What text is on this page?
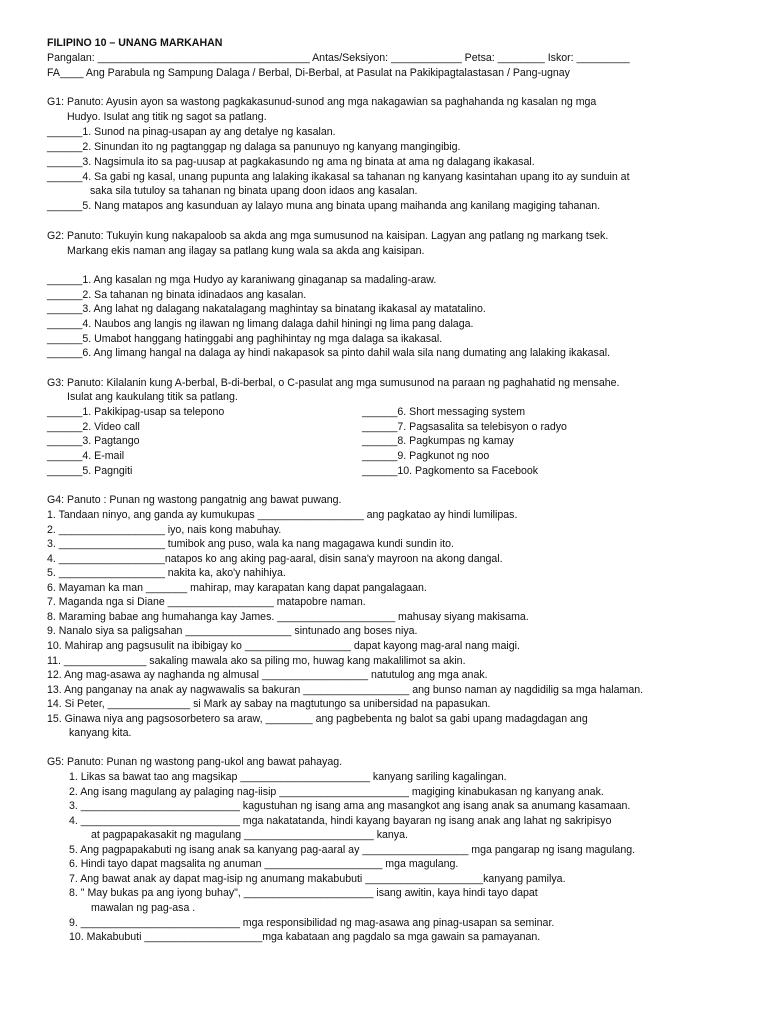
FILIPINO 10 – UNANG MARKAHAN
Pangalan: ____________________________________ Antas/Seksiyon: ____________ Petsa: ________ Iskor: _________
FA____ Ang Parabula ng Sampung Dalaga / Berbal, Di-Berbal, at Pasulat na Pakikipagtalastasan / Pang-ugnay
G1: Panuto: Ayusin ayon sa wastong pagkakasunud-sunod ang mga nakagawian sa paghahanda ng kasalan ng mga
Hudyo. Isulat ang titik ng sagot sa patlang.
______1. Sunod na pinag-usapan ay ang detalye ng kasalan.
______2. Sinundan ito ng pagtanggap ng dalaga sa panunuyo ng kanyang mangingibig.
______3. Nagsimula ito sa pag-uusap at pagkakasundo ng ama ng binata at ama ng dalagang ikakasal.
______4. Sa gabi ng kasal, unang pupunta ang lalaking ikakasal sa tahanan ng kanyang kasintahan upang ito ay sunduin at
saka sila tutuloy sa tahanan ng binata upang doon idaos ang kasalan.
______5. Nang matapos ang kasunduan ay lalayo muna ang binata upang maihanda ang kanilang magiging tahanan.
G2: Panuto: Tukuyin kung nakapaloob sa akda ang mga sumusunod na kaisipan. Lagyan ang patlang ng markang tsek.
Markang ekis naman ang ilagay sa patlang kung wala sa akda ang kaisipan.
______1. Ang kasalan ng mga Hudyo ay karaniwang ginaganap sa madaling-araw.
______2. Sa tahanan ng binata idinadaos ang kasalan.
______3. Ang lahat ng dalagang nakatalagang maghintay sa binatang ikakasal ay matatalino.
______4. Naubos ang langis ng ilawan ng limang dalaga dahil hiningi ng lima pang dalaga.
______5. Umabot hanggang hatinggabi ang paghihintay ng mga dalaga sa ikakasal.
______6. Ang limang hangal na dalaga ay hindi nakapasok sa pinto dahil wala sila nang dumating ang lalaking ikakasal.
G3: Panuto: Kilalanin kung A-berbal, B-di-berbal, o C-pasulat ang mga sumusunod na paraan ng paghahatid ng mensahe.
Isulat ang kaukulang titik sa patlang.
______1. Pakikipag-usap sa telepono
______2. Video call
______3. Pagtango
______4. E-mail
______5. Pagngiti
______6. Short messaging system
______7. Pagsasalita sa telebisyon o radyo
______8. Pagkumpas ng kamay
______9. Pagkunot ng noo
______10. Pagkomento sa Facebook
G4: Panuto : Punan ng wastong pangatnig ang bawat puwang.
1. Tandaan ninyo, ang ganda ay kumukupas __________________ ang pagkatao ay hindi lumilipas.
2. __________________ iyo, nais kong mabuhay.
3. __________________ tumibok ang puso, wala ka nang magagawa kundi sundin ito.
4. __________________natapos ko ang aking pag-aaral, disin sana'y mayroon na akong dangal.
5. __________________ nakita ka, ako'y nahihiya.
6. Mayaman ka man _______ mahirap, may karapatan kang dapat pangalagaan.
7. Maganda nga si Diane __________________ matapobre naman.
8. Maraming babae ang humahanga kay James. ____________________ mahusay siyang makisama.
9. Nanalo siya sa paligsahan __________________ sintunado ang boses niya.
10. Mahirap ang pagsusulit na ibibigay ko __________________ dapat kayong mag-aral nang maigi.
11. ______________ sakaling mawala ako sa piling mo, huwag kang makalilimot sa akin.
12. Ang mag-asawa ay naghanda ng almusal __________________ natutulog ang mga anak.
13. Ang panganay na anak ay nagwawalis sa bakuran __________________ ang bunso naman ay nagdidilig sa mga halaman.
14. Si Peter, ______________ si Mark ay sabay na magtutungo sa unibersidad na papasukan.
15. Ginawa niya ang pagsosorbetero sa araw, ________ ang pagbebenta ng balot sa gabi upang madagdagan ang
kanyang kita.
G5: Panuto: Punan ng wastong pang-ukol ang bawat pahayag.
1. Likas sa bawat tao ang magsikap ______________________ kanyang sariling kagalingan.
2. Ang isang magulang ay palaging nag-iisip ______________________ magiging kinabukasan ng kanyang anak.
3. ___________________________ kagustuhan ng isang ama ang masangkot ang isang anak sa anumang kasamaan.
4. ___________________________ mga nakatatanda, hindi kayang bayaran ng isang anak ang lahat ng sakripisyo
at pagpapakasakit ng magulang ______________________ kanya.
5. Ang pagpapakabuti ng isang anak sa kanyang pag-aaral ay __________________ mga pangarap ng isang magulang.
6. Hindi tayo dapat magsalita ng anuman ____________________ mga magulang.
7. Ang bawat anak ay dapat mag-isip ng anumang makabubuti ____________________kanyang pamilya.
8. " May bukas pa ang iyong buhay", ______________________ isang awitin, kaya hindi tayo dapat
mawalan ng pag-asa .
9. ___________________________ mga responsibilidad ng mag-asawa ang pinag-usapan sa seminar.
10. Makabubuti ____________________mga kabataan ang pagdalo sa mga gawain sa pamayanan.
